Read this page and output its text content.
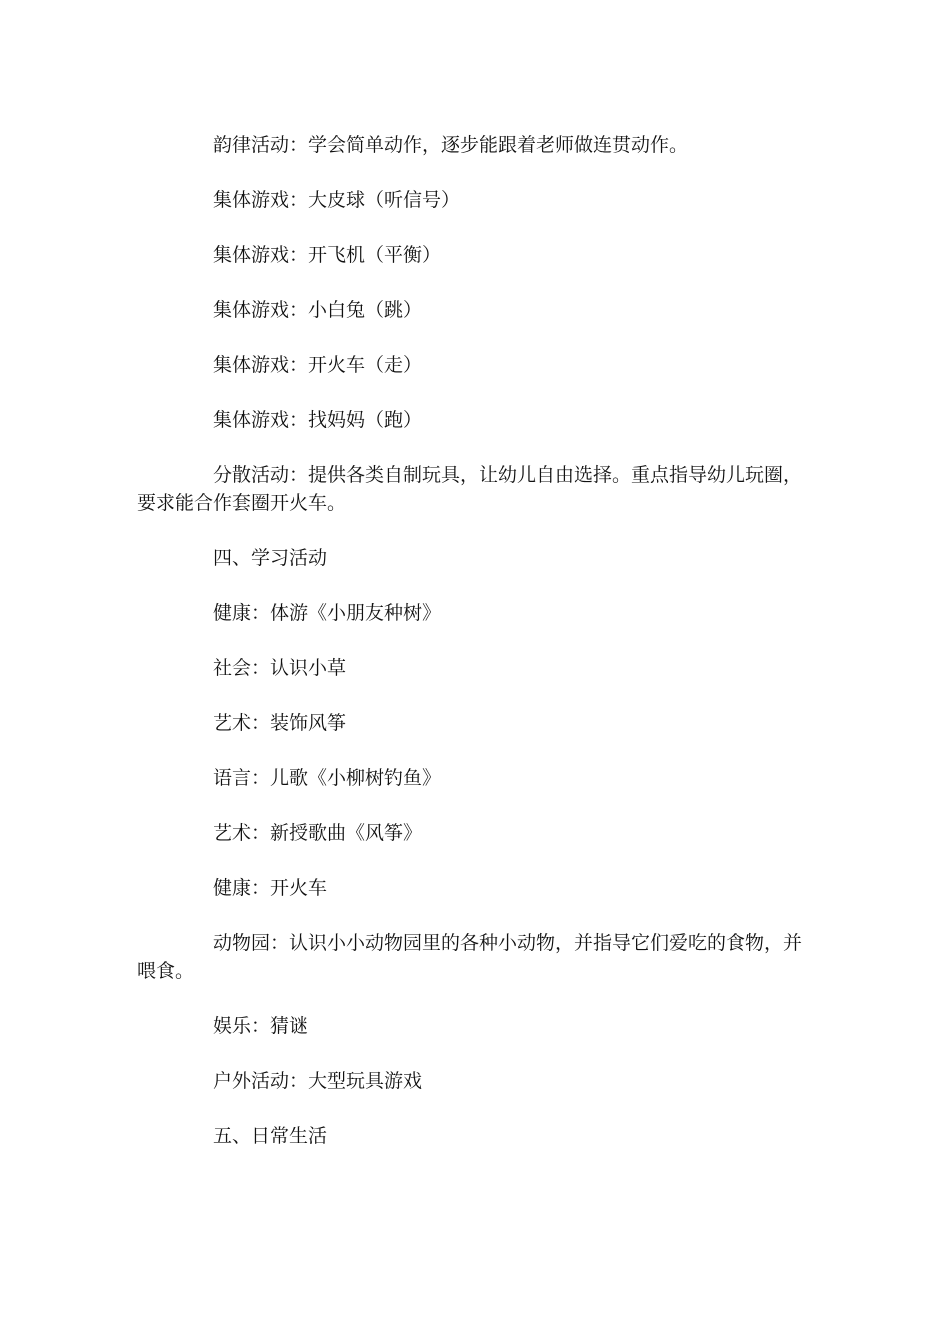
韵律活动：学会简单动作，逐步能跟着老师做连贯动作。

集体游戏：大皮球（听信号）

集体游戏：开飞机（平衡）

集体游戏：小白兔（跳）

集体游戏：开火车（走）

集体游戏：找妈妈（跑）

分散活动：提供各类自制玩具，让幼儿自由选择。重点指导幼儿玩圈，要求能合作套圈开火车。

四、学习活动

健康：体游《小朋友种树》

社会：认识小草

艺术：装饰风筝

语言：儿歌《小柳树钓鱼》

艺术：新授歌曲《风筝》

健康：开火车

动物园：认识小小动物园里的各种小动物，并指导它们爱吃的食物，并喂食。

娱乐：猜谜

户外活动：大型玩具游戏

五、日常生活
